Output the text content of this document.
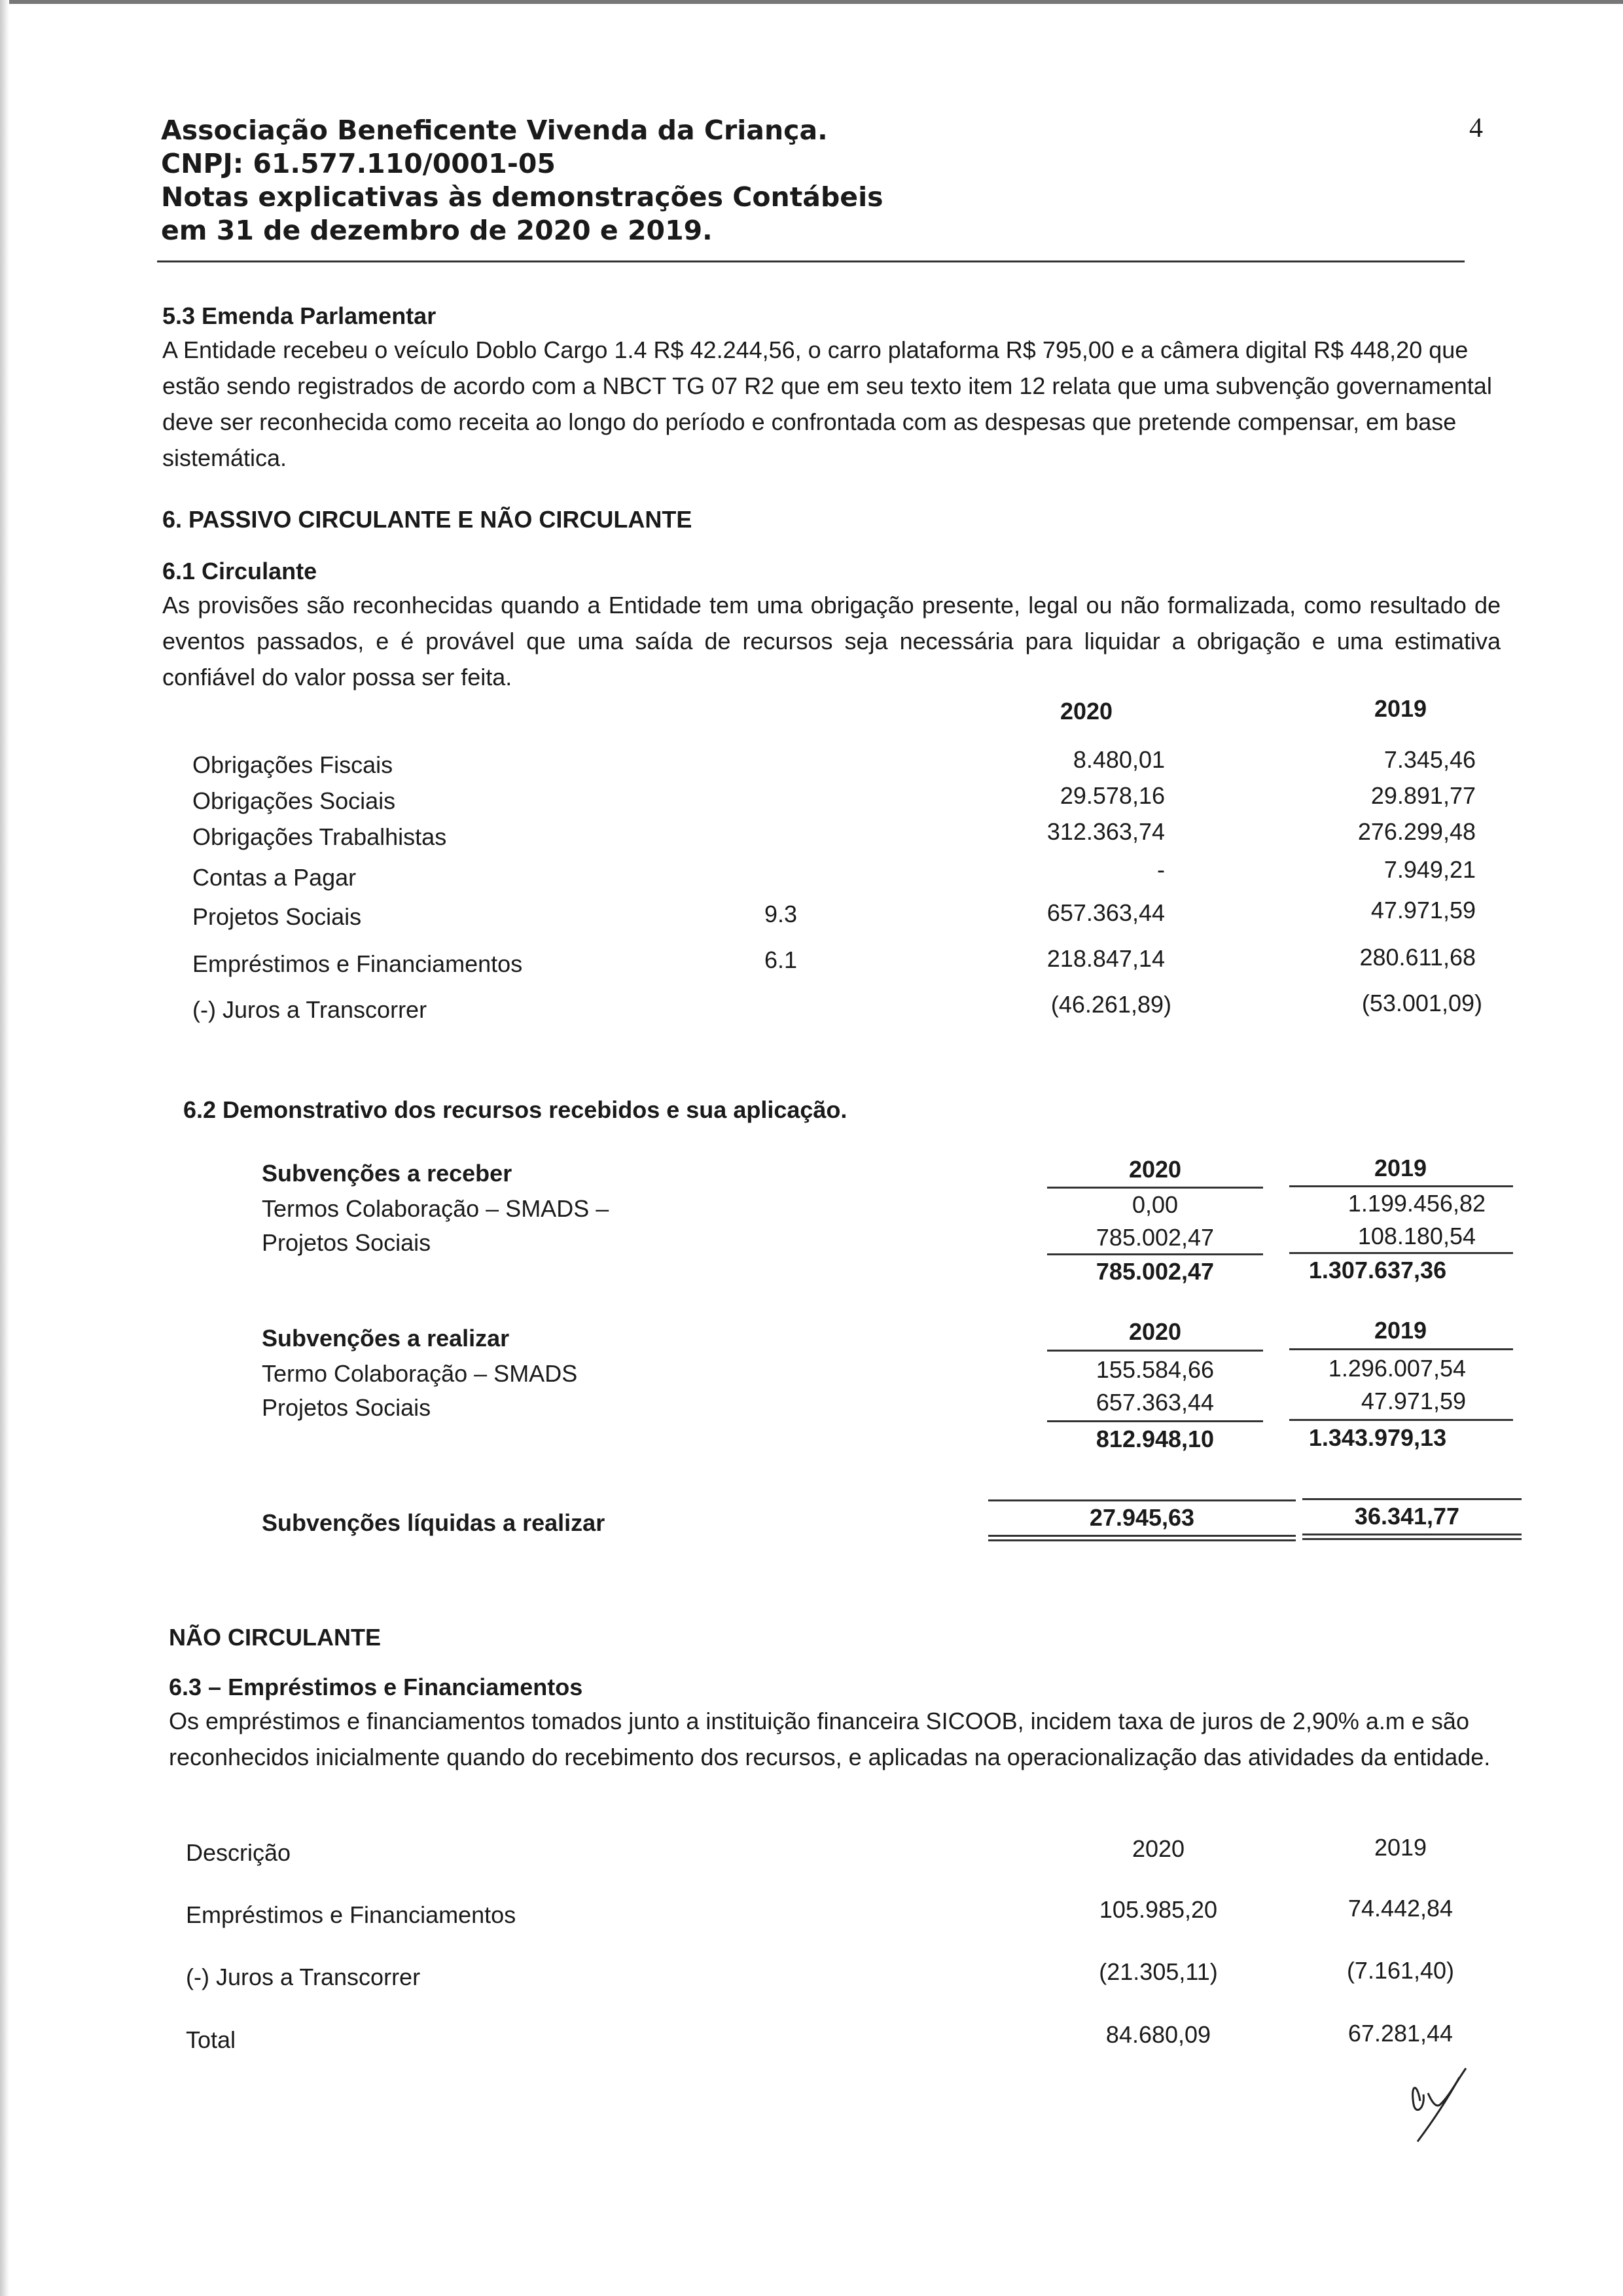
Associação Beneficente Vivenda da Criança.
CNPJ: 61.577.110/0001-05
Notas explicativas às demonstrações Contábeis
em 31 de dezembro de 2020 e 2019.
4
5.3 Emenda Parlamentar
A Entidade recebeu o veículo Doblo Cargo 1.4 R$ 42.244,56, o carro plataforma R$ 795,00 e a câmera digital R$ 448,20 que estão sendo registrados de acordo com a NBCT TG 07 R2 que em seu texto item 12 relata que uma subvenção governamental deve ser reconhecida como receita ao longo do período e confrontada com as despesas que pretende compensar, em base sistemática.
6. PASSIVO CIRCULANTE E NÃO CIRCULANTE
6.1 Circulante
As provisões são reconhecidas quando a Entidade tem uma obrigação presente, legal ou não formalizada, como resultado de eventos passados, e é provável que uma saída de recursos seja necessária para liquidar a obrigação e uma estimativa confiável do valor possa ser feita.
2020	2019
Obrigações Fiscais	8.480,01	7.345,46
Obrigações Sociais	29.578,16	29.891,77
Obrigações Trabalhistas	312.363,74	276.299,48
Contas a Pagar	-	7.949,21
Projetos Sociais	9.3	657.363,44	47.971,59
Empréstimos e Financiamentos	6.1	218.847,14	280.611,68
(-) Juros a Transcorrer	(46.261,89)	(53.001,09)
6.2 Demonstrativo dos recursos recebidos e sua aplicação.
Subvenções a receber	2020	2019
Termos Colaboração – SMADS –	0,00	1.199.456,82
Projetos Sociais	785.002,47	108.180,54
785.002,47	1.307.637,36
Subvenções a realizar	2020	2019
Termo Colaboração – SMADS	155.584,66	1.296.007,54
Projetos Sociais	657.363,44	47.971,59
812.948,10	1.343.979,13
Subvenções líquidas a realizar	27.945,63	36.341,77
NÃO CIRCULANTE
6.3 – Empréstimos e Financiamentos
Os empréstimos e financiamentos tomados junto a instituição financeira SICOOB, incidem taxa de juros de 2,90% a.m e são reconhecidos inicialmente quando do recebimento dos recursos, e aplicadas na operacionalização das atividades da entidade.
Descrição	2020	2019
Empréstimos e Financiamentos	105.985,20	74.442,84
(-) Juros a Transcorrer	(21.305,11)	(7.161,40)
Total	84.680,09	67.281,44
